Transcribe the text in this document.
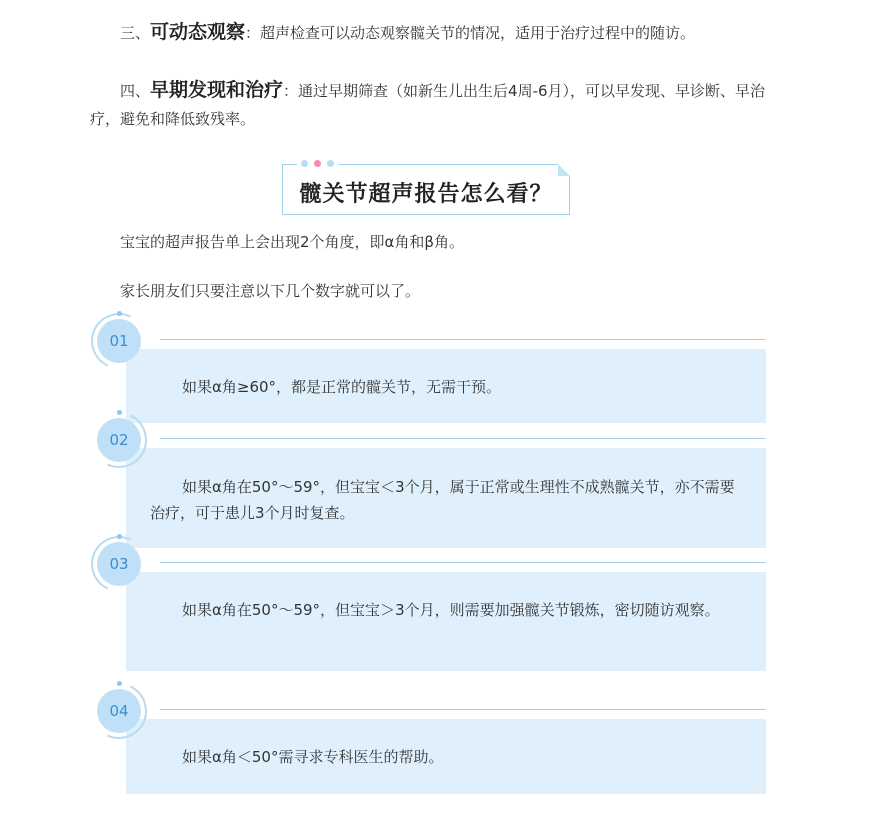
三、可动态观察：超声检查可以动态观察髋关节的情况，适用于治疗过程中的随访。
四、早期发现和治疗：通过早期筛查（如新生儿出生后4周-6月），可以早发现、早诊断、早治疗，避免和降低致残率。
髋关节超声报告怎么看？
宝宝的超声报告单上会出现2个角度，即α角和β角。
家长朋友们只要注意以下几个数字就可以了。
如果α角≥60°，都是正常的髋关节，无需干预。
01
如果α角在50°～59°，但宝宝＜3个月，属于正常或生理性不成熟髋关节，亦不需要治疗，可于患儿3个月时复查。
02
如果α角在50°～59°，但宝宝＞3个月，则需要加强髋关节锻炼，密切随访观察。
03
如果α角＜50°需寻求专科医生的帮助。
04
